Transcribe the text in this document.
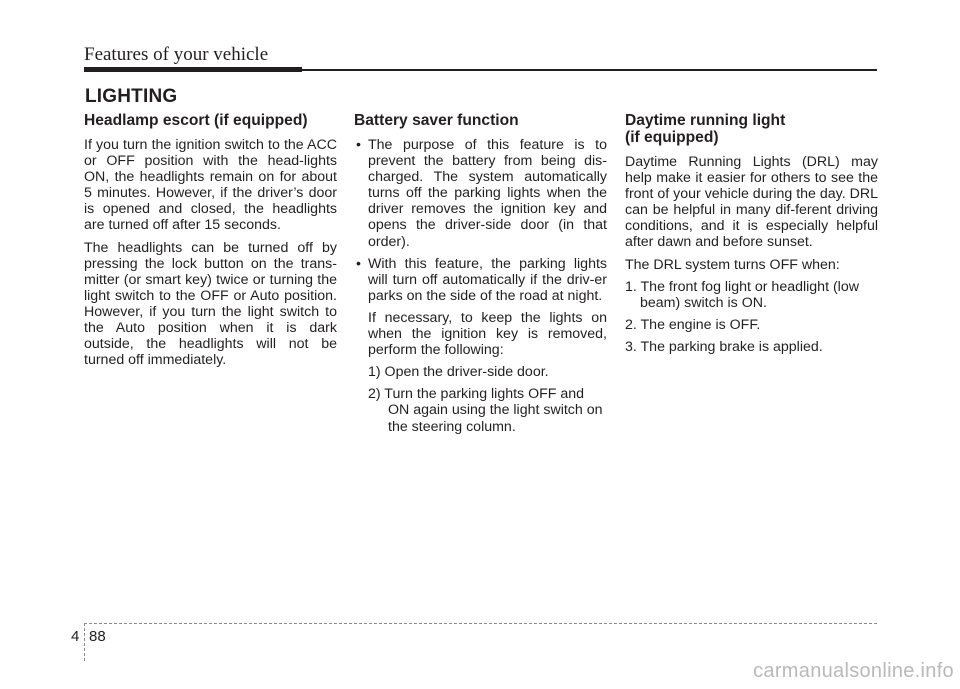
Features of your vehicle
LIGHTING
Headlamp escort (if equipped)

If you turn the ignition switch to the ACC or OFF position with the head-lights ON, the headlights remain on for about 5 minutes. However, if the driver’s door is opened and closed, the headlights are turned off after 15 seconds.

The headlights can be turned off by pressing the lock button on the trans-mitter (or smart key) twice or turning the light switch to the OFF or Auto position. However, if you turn the light switch to the Auto position when it is dark outside, the headlights will not be turned off immediately.

Battery saver function
• The purpose of this feature is to prevent the battery from being dis-charged. The system automatically turns off the parking lights when the driver removes the ignition key and opens the driver-side door (in that order).
• With this feature, the parking lights will turn off automatically if the driv-er parks on the side of the road at night.

If necessary, to keep the lights on when the ignition key is removed, perform the following:

1) Open the driver-side door.
2) Turn the parking lights OFF and ON again using the light switch on the steering column.
Daytime running light
(if equipped)

Daytime Running Lights (DRL) may help make it easier for others to see the front of your vehicle during the day. DRL can be helpful in many dif-ferent driving conditions, and it is especially helpful after dawn and before sunset.

The DRL system turns OFF when:

1. The front fog light or headlight (low beam) switch is ON.
2. The engine is OFF.
3. The parking brake is applied.
4 88
carmanualsonline.info
